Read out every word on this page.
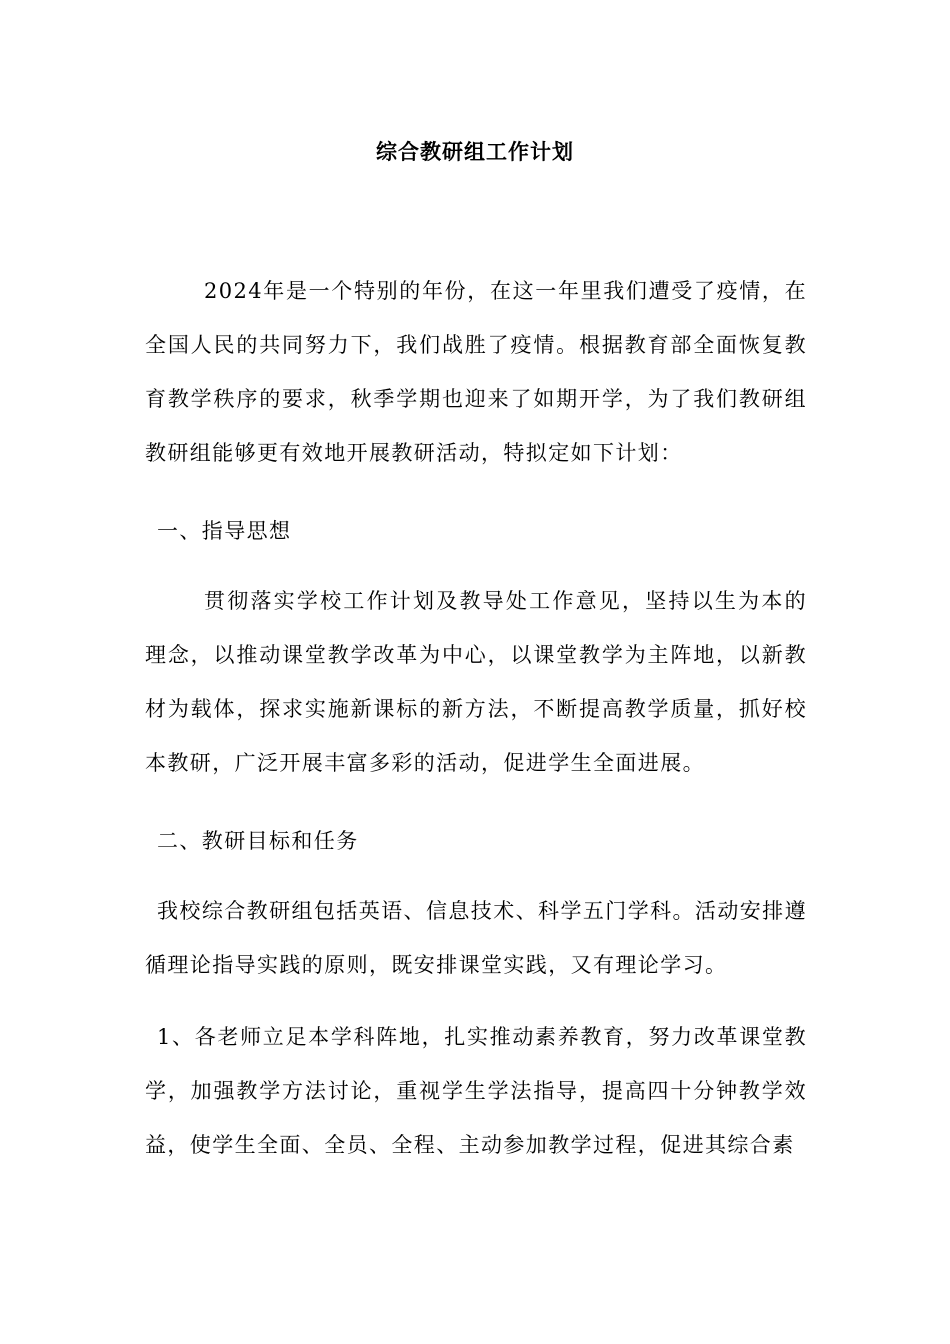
综合教研组工作计划

2024年是一个特别的年份，在这一年里我们遭受了疫情，在全国人民的共同努力下，我们战胜了疫情。根据教育部全面恢复教育教学秩序的要求，秋季学期也迎来了如期开学，为了我们教研组教研组能够更有效地开展教研活动，特拟定如下计划：

一、指导思想

贯彻落实学校工作计划及教导处工作意见，坚持以生为本的理念，以推动课堂教学改革为中心，以课堂教学为主阵地，以新教材为载体，探求实施新课标的新方法，不断提高教学质量，抓好校本教研，广泛开展丰富多彩的活动，促进学生全面进展。

二、教研目标和任务

我校综合教研组包括英语、信息技术、科学五门学科。活动安排遵循理论指导实践的原则，既安排课堂实践，又有理论学习。

1、各老师立足本学科阵地，扎实推动素养教育，努力改革课堂教学，加强教学方法讨论，重视学生学法指导，提高四十分钟教学效益，使学生全面、全员、全程、主动参加教学过程，促进其综合素
